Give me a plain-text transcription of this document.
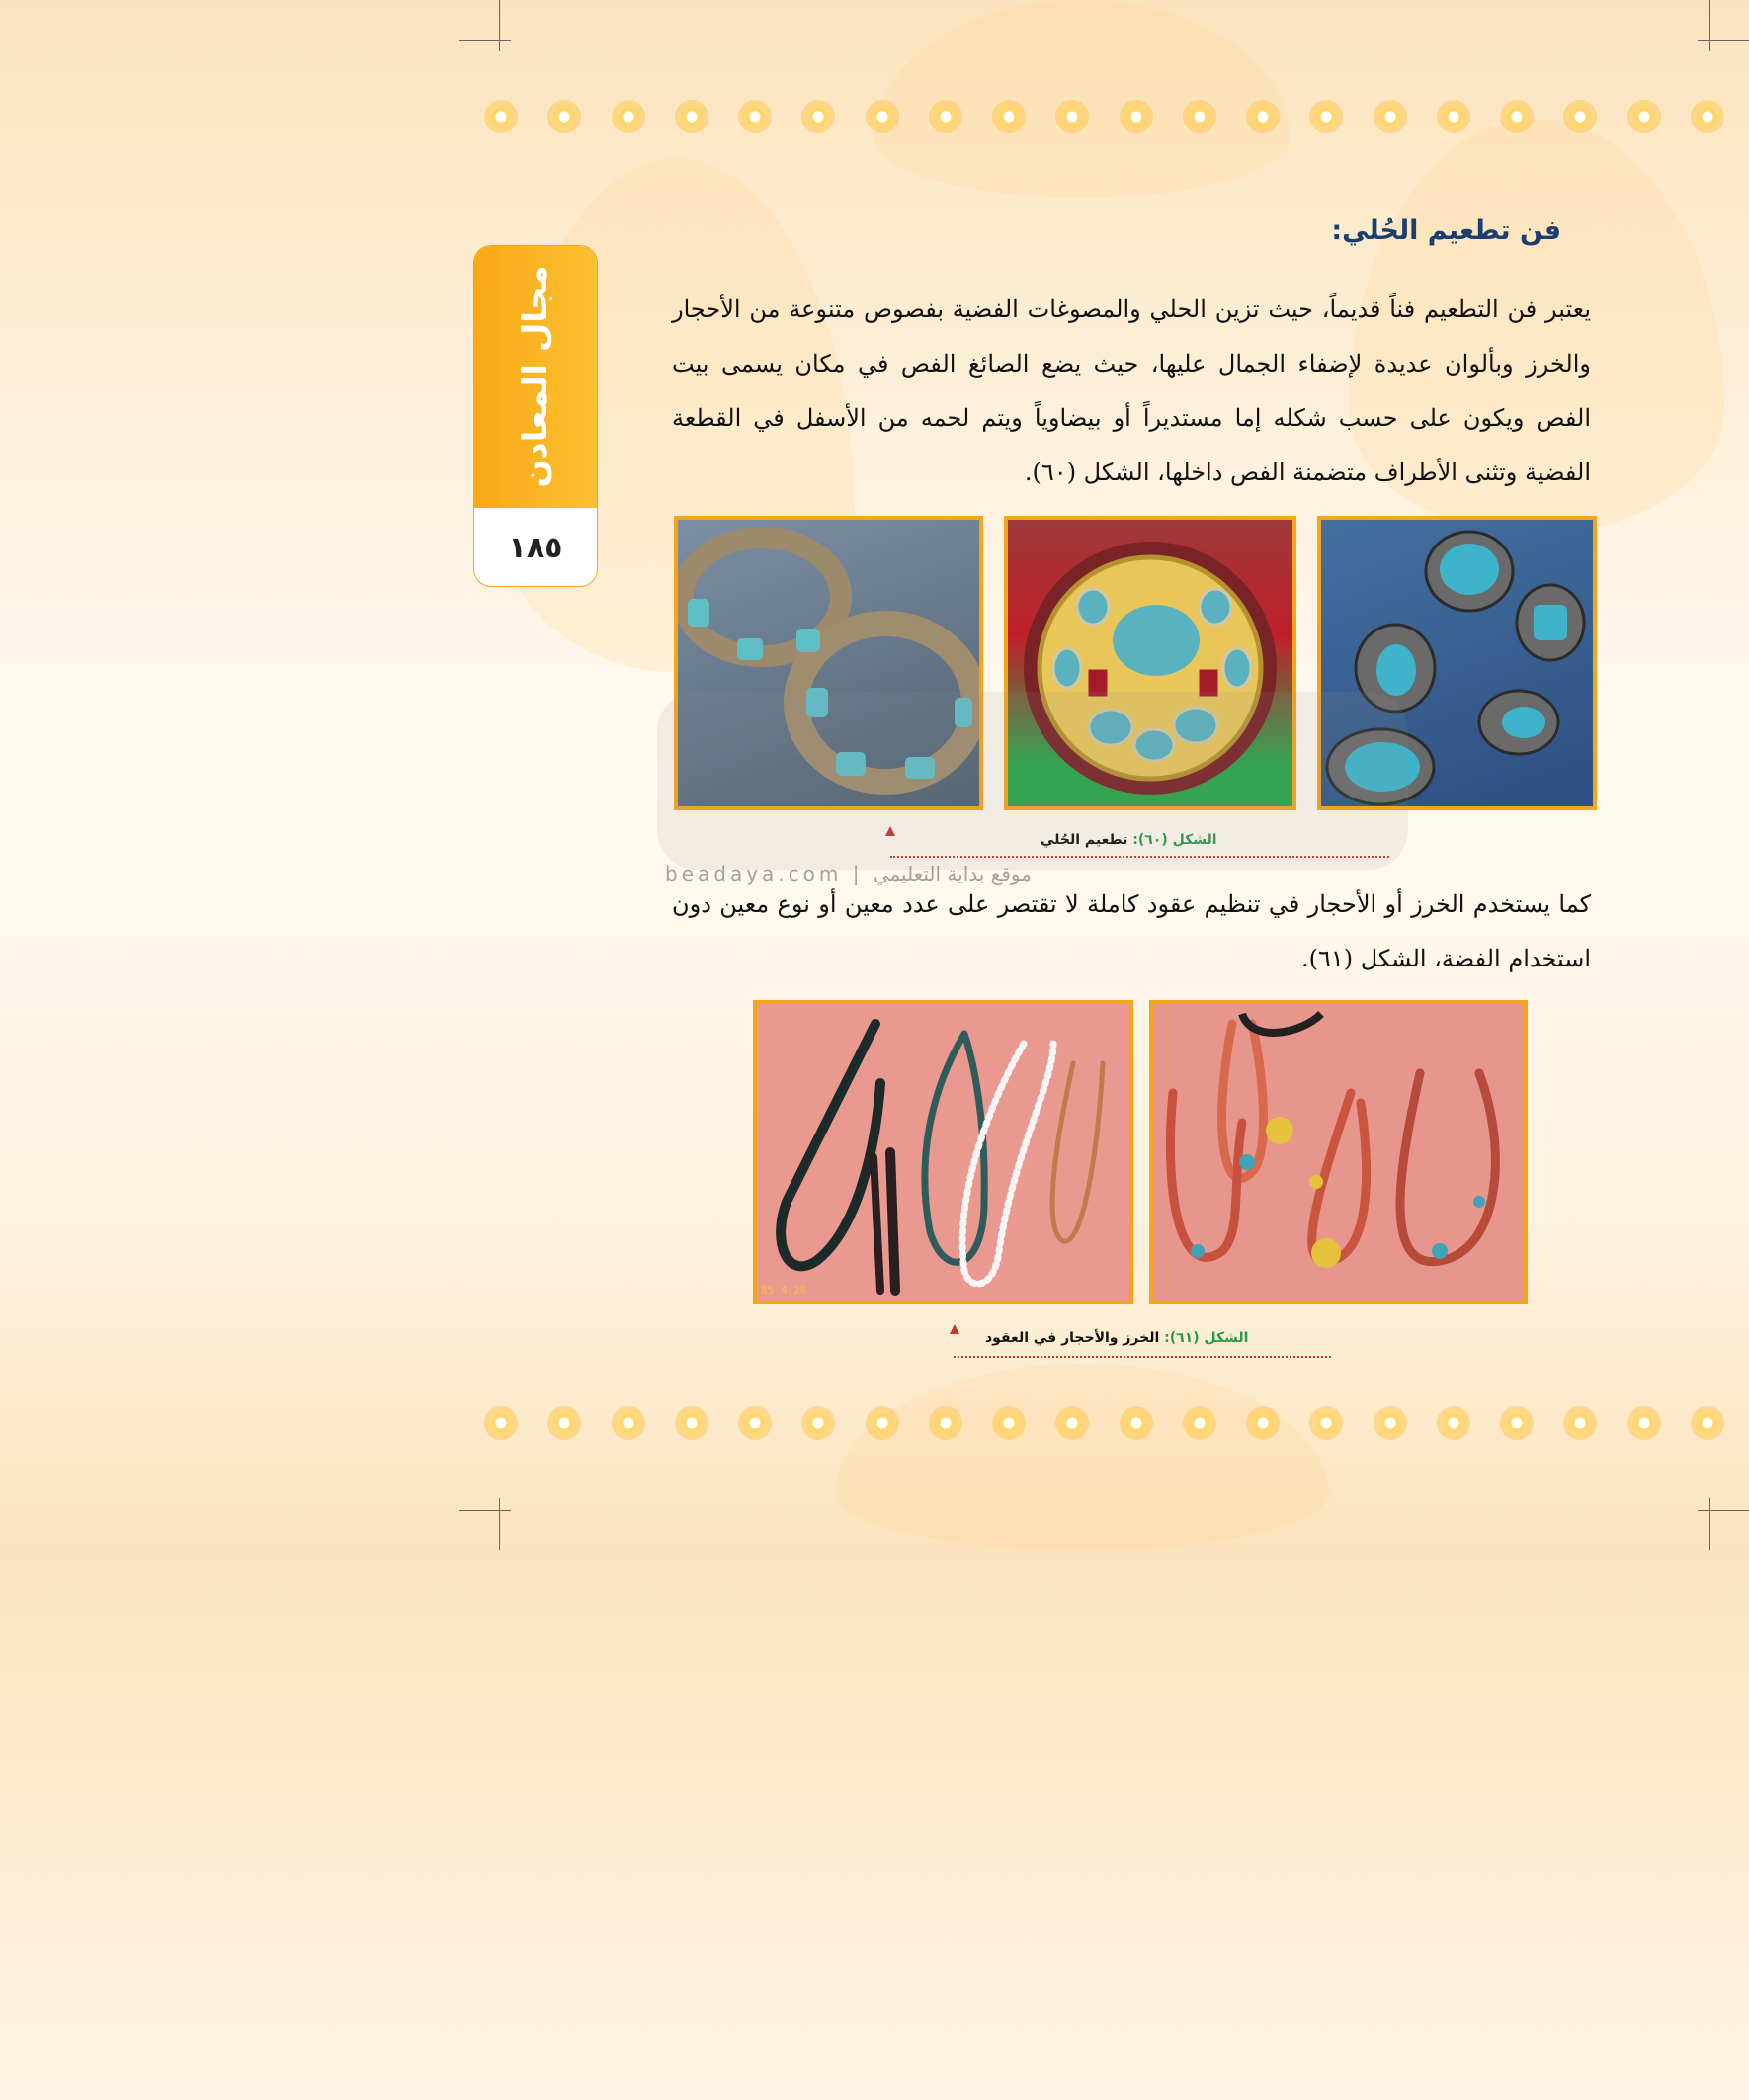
مجال المعادن
١٨٥
فن تطعيم الحُلي:

يعتبر فن التطعيم فناً قديماً، حيث تزين الحلي والمصوغات الفضية بفصوص متنوعة من الأحجار والخرز وبألوان عديدة لإضفاء الجمال عليها، حيث يضع الصائغ الفص في مكان يسمى بيت الفص ويكون على حسب شكله إما مستديراً أو بيضاوياً ويتم لحمه من الأسفل في القطعة الفضية وتثنى الأطراف متضمنة الفص داخلها، الشكل (٦٠).

الشكل (٦٠): تطعيم الحُلي
beadaya.com | موقع بداية التعليمي

كما يستخدم الخرز أو الأحجار في تنظيم عقود كاملة لا تقتصر على عدد معين أو نوع معين دون استخدام الفضة، الشكل (٦١).

85 4.26
الشكل (٦١): الخرز والأحجار في العقود
